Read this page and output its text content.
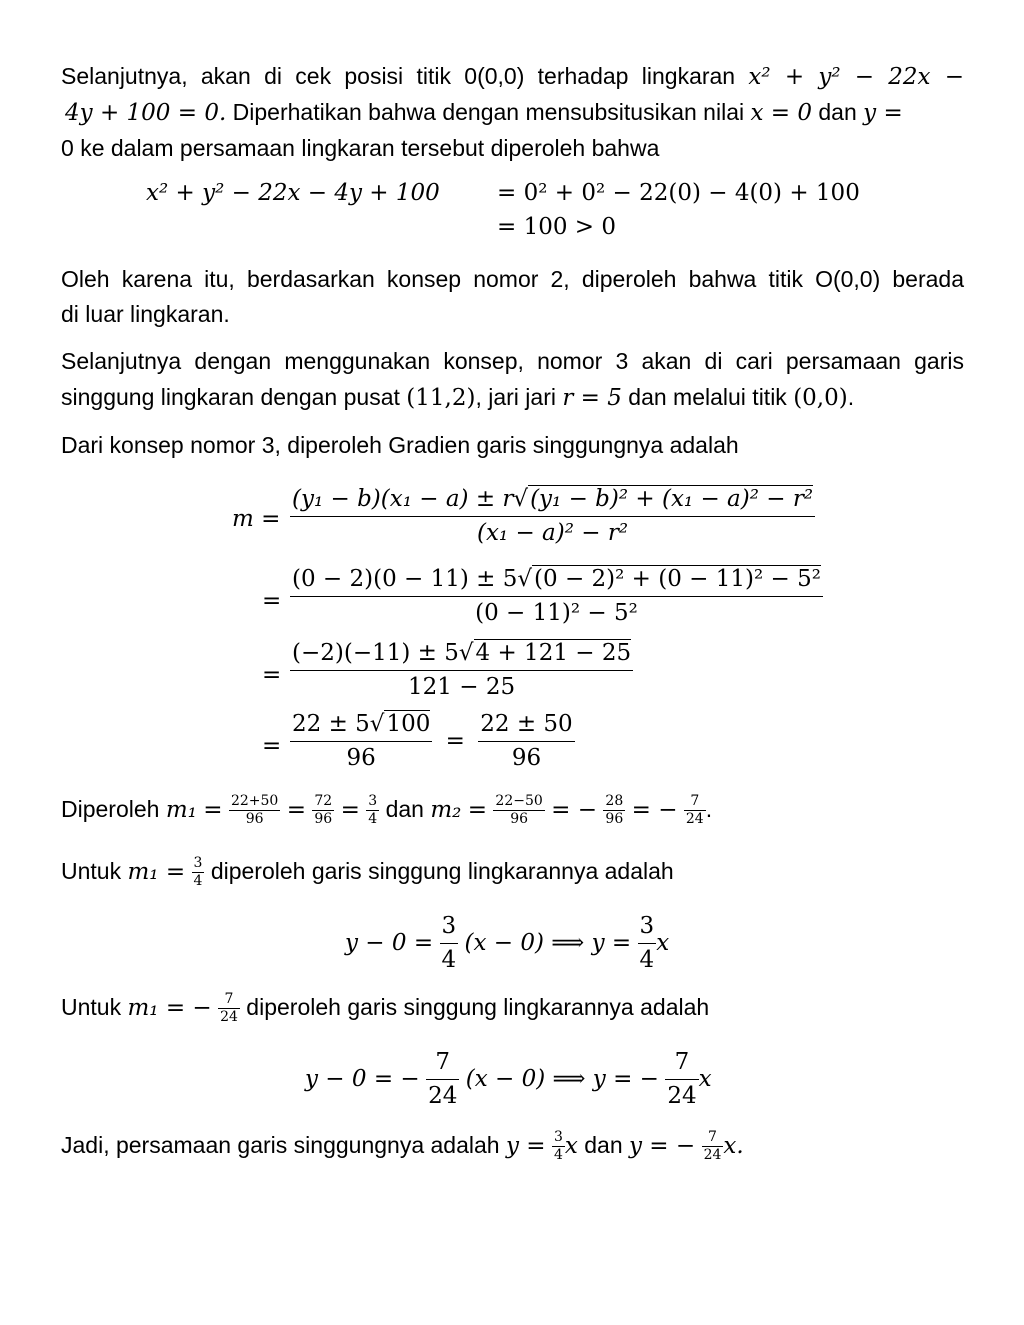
Selanjutnya, akan di cek posisi titik 0(0,0) terhadap lingkaran x² + y² − 22x −
4y + 100 = 0. Diperhatikan bahwa dengan mensubsitusikan nilai x = 0 dan y =
0 ke dalam persamaan lingkaran tersebut diperoleh bahwa
x² + y² − 22x − 4y + 100 = 0² + 0² − 22(0) − 4(0) + 100
= 100 > 0
Oleh karena itu, berdasarkan konsep nomor 2, diperoleh bahwa titik O(0,0) berada
di luar lingkaran.
Selanjutnya dengan menggunakan konsep, nomor 3 akan di cari persamaan garis
singgung lingkaran dengan pusat (11,2), jari jari r = 5 dan melalui titik (0,0).
Dari konsep nomor 3, diperoleh Gradien garis singgungnya adalah
$m = \frac{\text{(y₁ − b)(x₁ − a) ± r√(y₁ − b)² + (x₁ − a)² − r²}}{\text{(x₁ − a)² − r²}}$
= $\frac{\text{(0 − 2)(0 − 11) ± 5√(0 − 2)² + (0 − 11)² − 5²}}{\text{(0 − 11)² − 5²}}$
= $\frac{(-2)(-11) \pm 5√4 + 121 - 25}{121 - 25}$
= $\frac{22 \pm 5√100}{96} = \frac{22 \pm 50}{96}$
Diperoleh $m_1 = \frac{22+50}{96} = \frac{72}{96} = \frac{3}{4}$ dan $m_2 = \frac{22-50}{96}$ = − $\frac{28}{96}$ = − $\frac{7}{24}$ .
Untuk $m_1 = \frac{3}{4}$ diperoleh garis singgung lingkarannya adalah
$y - 0 = \frac{3}{4} (x - 0)$ ⟹ $y = \frac{3}{4}$ x
Untuk m₁ = − $\frac{7}{24}$ diperoleh garis singgung lingkarannya adalah
y − 0 = − $\frac{7}{24} (x - 0)$ ⟹ y = − $\frac{7}{24}$ x
Jadi, persamaan garis singgungnya adalah $y = \frac{3}{4}$ x dan y = − $\frac{7}{24} x$.
